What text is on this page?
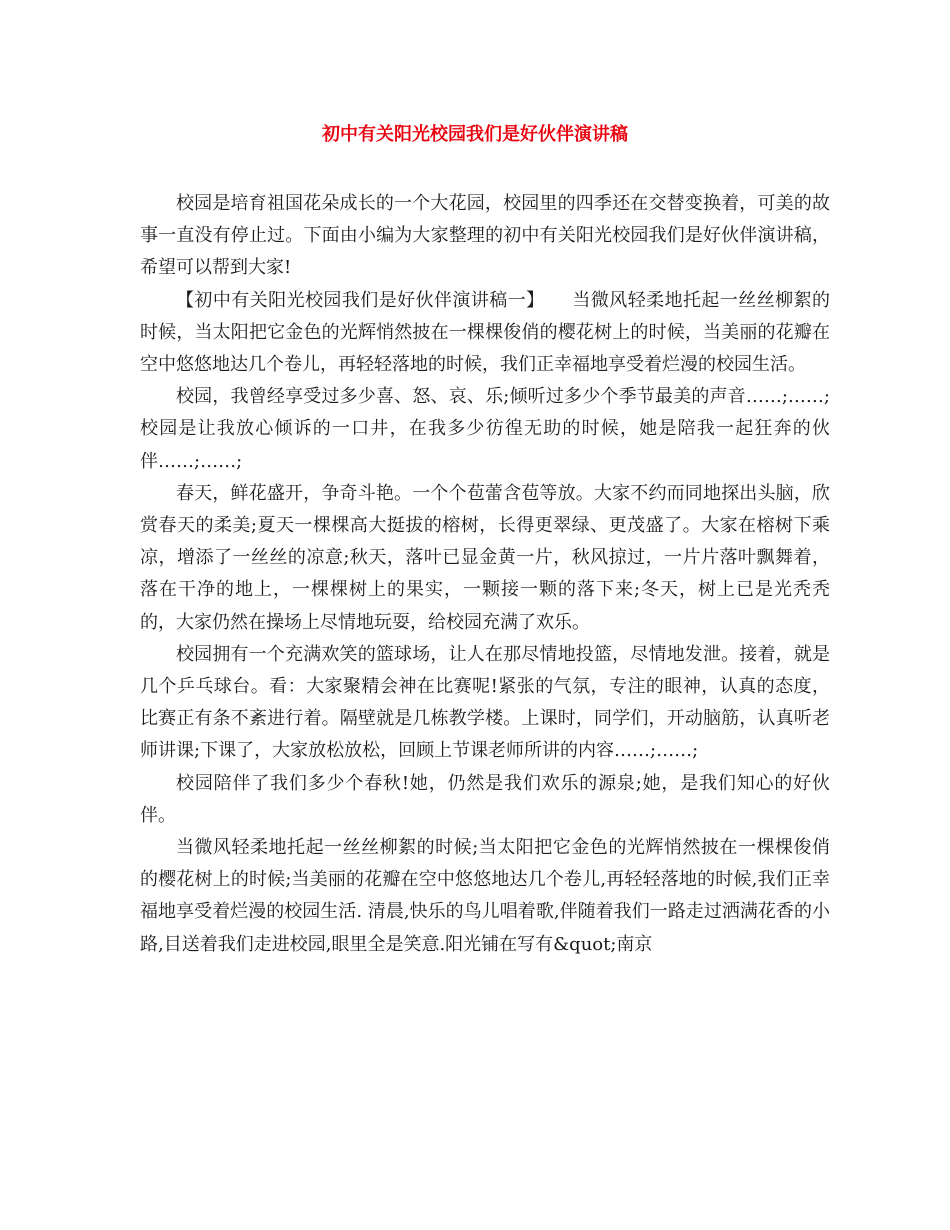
初中有关阳光校园我们是好伙伴演讲稿

校园是培育祖国花朵成长的一个大花园，校园里的四季还在交替变换着，可美的故事一直没有停止过。下面由小编为大家整理的初中有关阳光校园我们是好伙伴演讲稿，希望可以帮到大家!

【初中有关阳光校园我们是好伙伴演讲稿一】　　当微风轻柔地托起一丝丝柳絮的时候，当太阳把它金色的光辉悄然披在一棵棵俊俏的樱花树上的时候，当美丽的花瓣在空中悠悠地达几个卷儿，再轻轻落地的时候，我们正幸福地享受着烂漫的校园生活。

校园，我曾经享受过多少喜、怒、哀、乐;倾听过多少个季节最美的声音……;……;校园是让我放心倾诉的一口井，在我多少彷徨无助的时候，她是陪我一起狂奔的伙伴……;……;

春天，鲜花盛开，争奇斗艳。一个个苞蕾含苞等放。大家不约而同地探出头脑，欣赏春天的柔美;夏天一棵棵高大挺拔的榕树，长得更翠绿、更茂盛了。大家在榕树下乘凉，增添了一丝丝的凉意;秋天，落叶已显金黄一片，秋风掠过，一片片落叶飘舞着，落在干净的地上，一棵棵树上的果实，一颗接一颗的落下来;冬天，树上已是光秃秃的，大家仍然在操场上尽情地玩耍，给校园充满了欢乐。

校园拥有一个充满欢笑的篮球场，让人在那尽情地投篮，尽情地发泄。接着，就是几个乒乓球台。看：大家聚精会神在比赛呢!紧张的气氛，专注的眼神，认真的态度，比赛正有条不紊进行着。隔壁就是几栋教学楼。上课时，同学们，开动脑筋，认真听老师讲课;下课了，大家放松放松，回顾上节课老师所讲的内容……;……;

校园陪伴了我们多少个春秋!她，仍然是我们欢乐的源泉;她，是我们知心的好伙伴。

当微风轻柔地托起一丝丝柳絮的时候;当太阳把它金色的光辉悄然披在一棵棵俊俏的樱花树上的时候;当美丽的花瓣在空中悠悠地达几个卷儿,再轻轻落地的时候,我们正幸福地享受着烂漫的校园生活. 清晨,快乐的鸟儿唱着歌,伴随着我们一路走过洒满花香的小路,目送着我们走进校园,眼里全是笑意.阳光铺在写有&quot;南京
